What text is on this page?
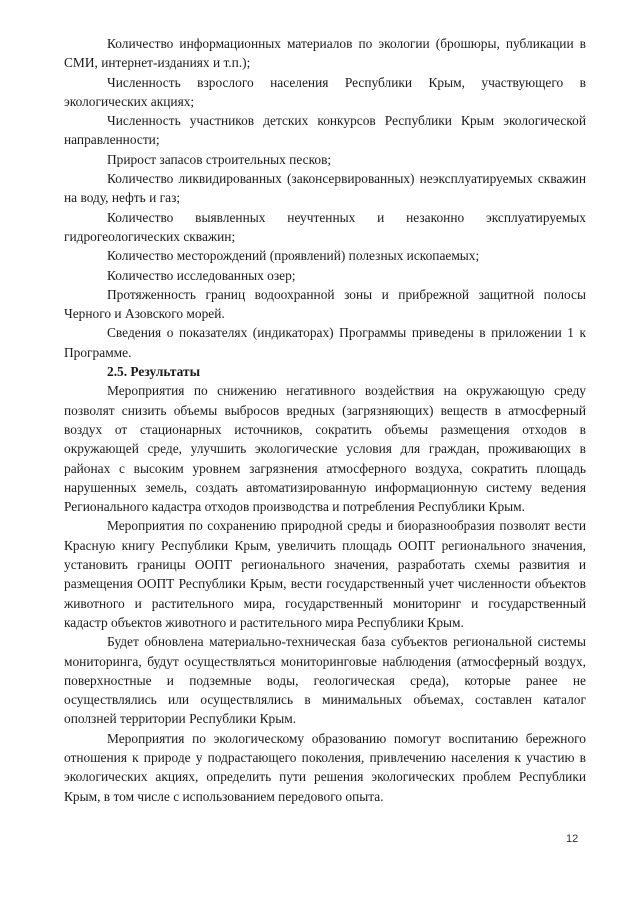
Количество информационных материалов по экологии (брошюры, публикации в СМИ, интернет-изданиях и т.п.);

Численность взрослого населения Республики Крым, участвующего в экологических акциях;

Численность участников детских конкурсов Республики Крым экологической направленности;

Прирост запасов строительных песков;

Количество ликвидированных (законсервированных) неэксплуатируемых скважин на воду, нефть и газ;

Количество выявленных неучтенных и незаконно эксплуатируемых гидрогеологических скважин;

Количество месторождений (проявлений) полезных ископаемых;

Количество исследованных озер;

Протяженность границ водоохранной зоны и прибрежной защитной полосы Черного и Азовского морей.

Сведения о показателях (индикаторах) Программы приведены в приложении 1 к Программе.

2.5. Результаты

Мероприятия по снижению негативного воздействия на окружающую среду позволят снизить объемы выбросов вредных (загрязняющих) веществ в атмосферный воздух от стационарных источников, сократить объемы размещения отходов в окружающей среде, улучшить экологические условия для граждан, проживающих в районах с высоким уровнем загрязнения атмосферного воздуха, сократить площадь нарушенных земель, создать автоматизированную информационную систему ведения Регионального кадастра отходов производства и потребления Республики Крым.

Мероприятия по сохранению природной среды и биоразнообразия позволят вести Красную книгу Республики Крым, увеличить площадь ООПТ регионального значения, установить границы ООПТ регионального значения, разработать схемы развития и размещения ООПТ Республики Крым, вести государственный учет численности объектов животного и растительного мира, государственный мониторинг и государственный кадастр объектов животного и растительного мира Республики Крым.

Будет обновлена материально-техническая база субъектов региональной системы мониторинга, будут осуществляться мониторинговые наблюдения (атмосферный воздух, поверхностные и подземные воды, геологическая среда), которые ранее не осуществлялись или осуществлялись в минимальных объемах, составлен каталог оползней территории Республики Крым.

Мероприятия по экологическому образованию помогут воспитанию бережного отношения к природе у подрастающего поколения, привлечению населения к участию в экологических акциях, определить пути решения экологических проблем Республики Крым, в том числе с использованием передового опыта.

12
